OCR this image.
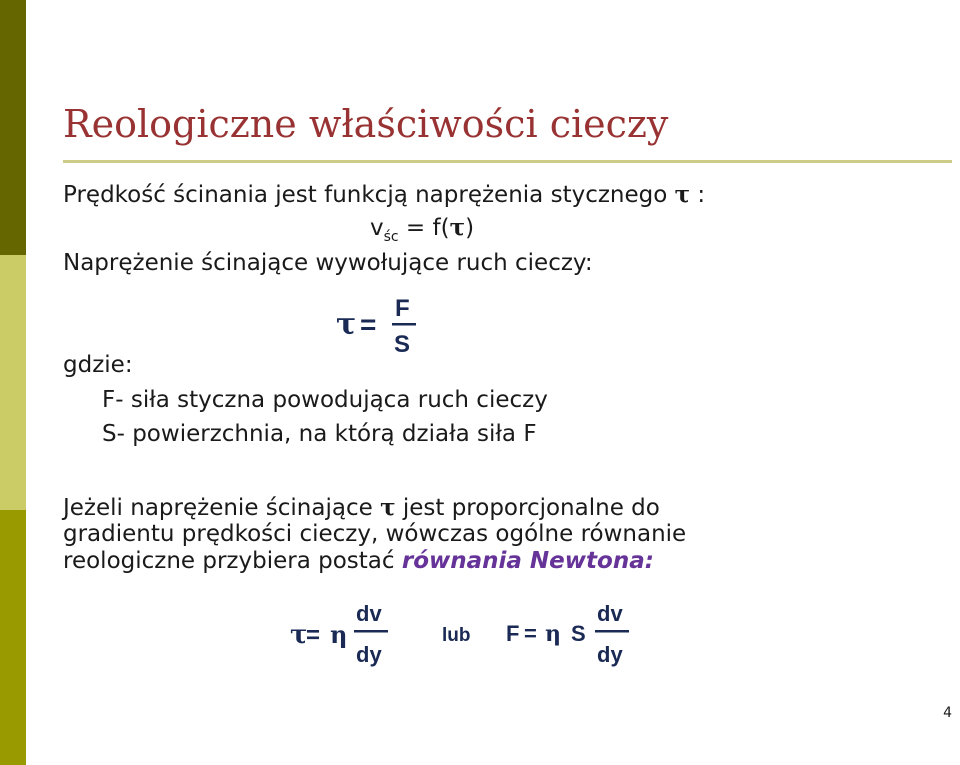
Reologiczne właściwości cieczy
Prędkość ścinania jest funkcją naprężenia stycznego τ :
$v_{śc} = f(\tau)$
Naprężenie ścinające wywołujące ruch cieczy:
τ =
F
S
gdzie:
F- siła styczna powodująca ruch cieczy
S- powierzchnia, na którą działa siła F
Jeżeli naprężenie ścinające τ jest proporcjonalne do
gradientu prędkości cieczy, wówczas ogólne równanie
reologiczne przybiera postać równania Newtona:
τ
= η
dv
dy
lub F = η S
dv
dy
4
